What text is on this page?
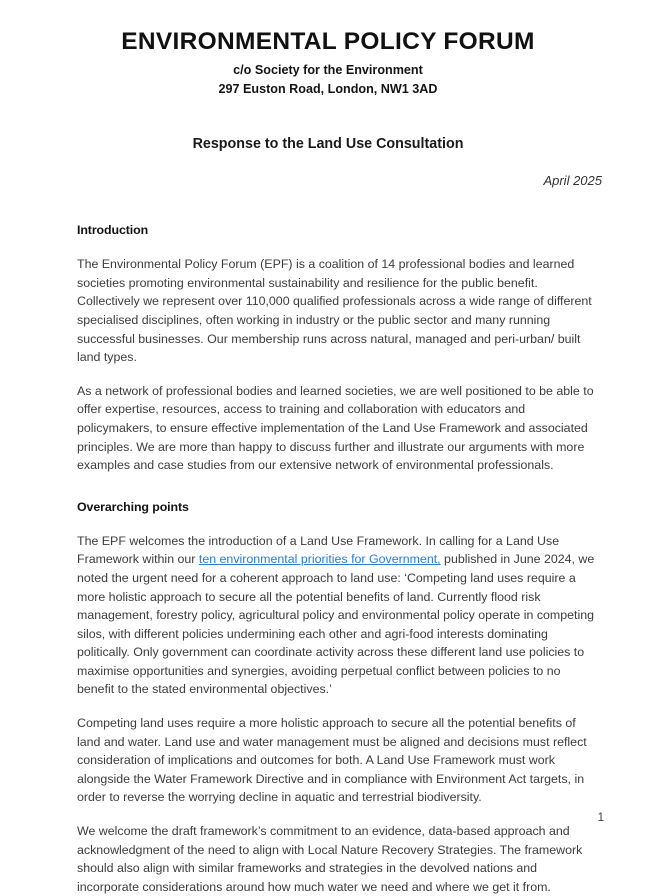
ENVIRONMENTAL POLICY FORUM
c/o Society for the Environment
297 Euston Road, London, NW1 3AD
Response to the Land Use Consultation
April 2025
Introduction

The Environmental Policy Forum (EPF) is a coalition of 14 professional bodies and learned societies promoting environmental sustainability and resilience for the public benefit. Collectively we represent over 110,000 qualified professionals across a wide range of different specialised disciplines, often working in industry or the public sector and many running successful businesses. Our membership runs across natural, managed and peri-urban/ built land types.

As a network of professional bodies and learned societies, we are well positioned to be able to offer expertise, resources, access to training and collaboration with educators and policymakers, to ensure effective implementation of the Land Use Framework and associated principles. We are more than happy to discuss further and illustrate our arguments with more examples and case studies from our extensive network of environmental professionals.

Overarching points

The EPF welcomes the introduction of a Land Use Framework. In calling for a Land Use Framework within our ten environmental priorities for Government, published in June 2024, we noted the urgent need for a coherent approach to land use: ‘Competing land uses require a more holistic approach to secure all the potential benefits of land. Currently flood risk management, forestry policy, agricultural policy and environmental policy operate in competing silos, with different policies undermining each other and agri-food interests dominating politically. Only government can coordinate activity across these different land use policies to maximise opportunities and synergies, avoiding perpetual conflict between policies to no benefit to the stated environmental objectives.’

Competing land uses require a more holistic approach to secure all the potential benefits of land and water. Land use and water management must be aligned and decisions must reflect consideration of implications and outcomes for both. A Land Use Framework must work alongside the Water Framework Directive and in compliance with Environment Act targets, in order to reverse the worrying decline in aquatic and terrestrial biodiversity.

We welcome the draft framework’s commitment to an evidence, data-based approach and acknowledgment of the need to align with Local Nature Recovery Strategies. The framework should also align with similar frameworks and strategies in the devolved nations and incorporate considerations around how much water we need and where we get it from.

1
